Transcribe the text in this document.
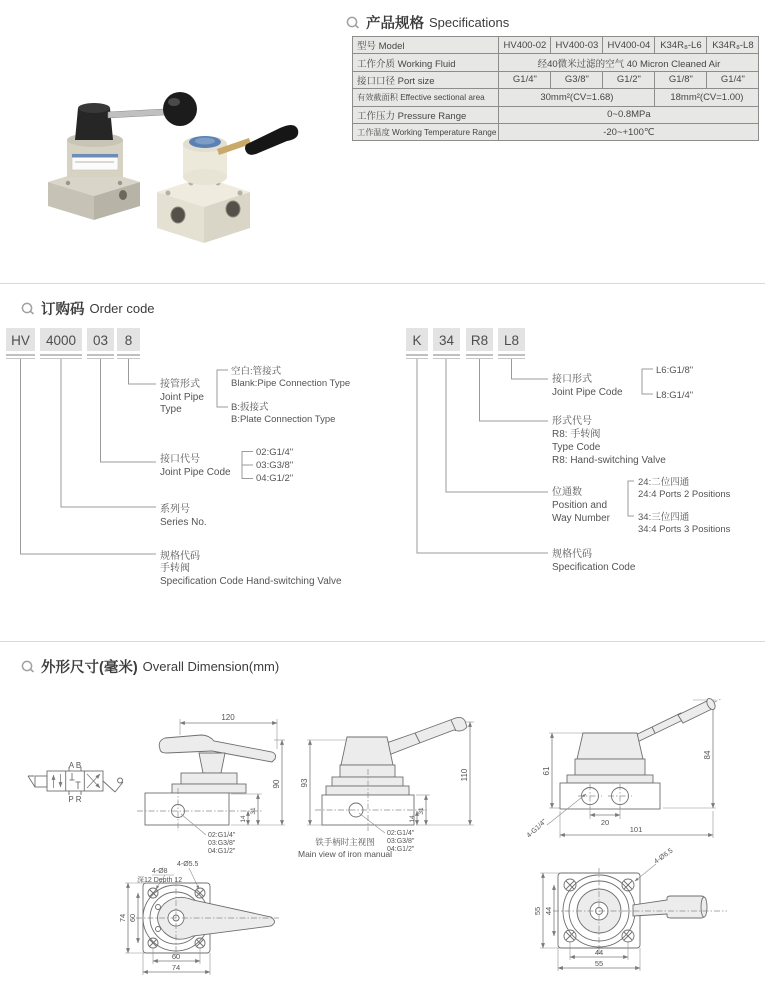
产品规格 Specifications
型号 Model	HV400-02	HV400-03	HV400-04	K34R₈-L6	K34R₈-L8
工作介质 Working Fluid	经40微米过滤的空气 40 Micron Cleaned Air				
接口口径 Port size	G1/4"	G3/8"	G1/2"	G1/8"	G1/4"
有效截面积 Effective sectional area	30mm²(CV=1.68)			18mm²(CV=1.00)	
工作压力 Pressure Range	0~0.8MPa				
工作温度 Working Temperature Range	-20~+100℃				
订购码 Order code
HV 4000 03 8
接管形式
Joint Pipe
Type
空白:管接式
Blank:Pipe Connection Type
B:扳接式
B:Plate Connection Type
接口代号
Joint Pipe Code
02:G1/4"
03:G3/8"
04:G1/2"
系列号
Series No.
规格代码
手转阀
Specification Code Hand-switching Valve
K 34 R8 L8
接口形式
Joint Pipe Code
L6:G1/8"
L8:G1/4"
形式代号
R8: 手转阀
Type Code
R8: Hand-switching Valve
位通数
Position and
Way Number
24:二位四通
24:4 Ports 2 Positions
34:三位四通
34:4 Ports 3 Positions
规格代码
Specification Code
外形尺寸(毫米) Overall Dimension(mm)
A B
P R
120
90
31
14
02:G1/4"
03:G3/8"
04:G1/2"
93
110
31
14
02:G1/4"
03:G3/8"
04:G1/2"
铁手柄时主视图
Main view of iron manual
61
84
20
101
4-G1/4"
4-Ø8
深12 Depth 12
4-Ø5.5
74 60
60
74
4-Ø6.5
55 44
44
55
